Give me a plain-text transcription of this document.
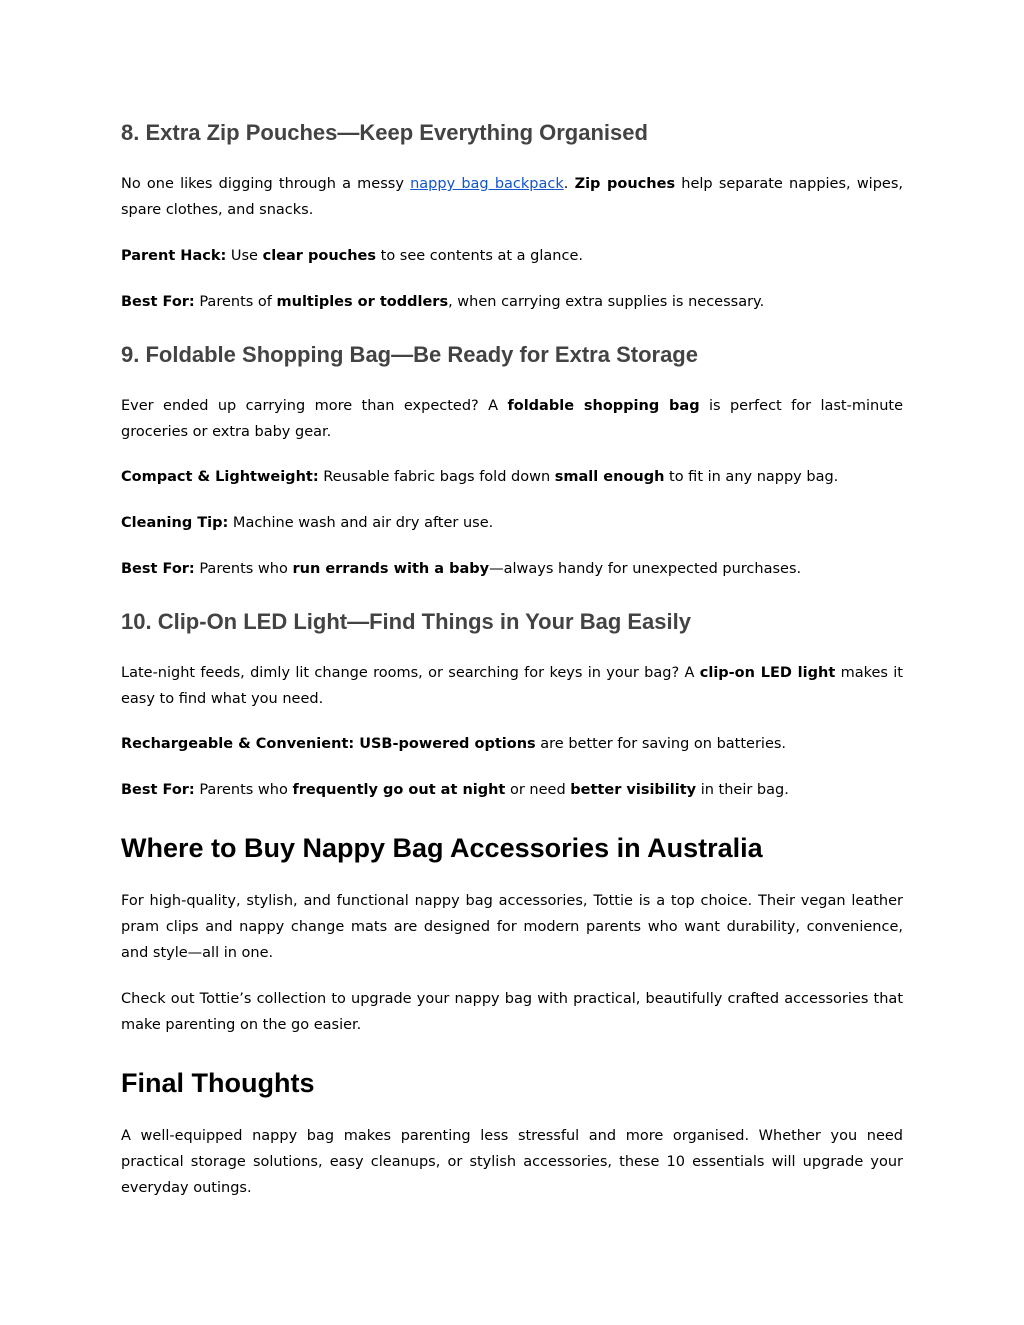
8. Extra Zip Pouches—Keep Everything Organised

No one likes digging through a messy nappy bag backpack. Zip pouches help separate nappies, wipes, spare clothes, and snacks.

Parent Hack: Use clear pouches to see contents at a glance.

Best For: Parents of multiples or toddlers, when carrying extra supplies is necessary.

9. Foldable Shopping Bag—Be Ready for Extra Storage

Ever ended up carrying more than expected? A foldable shopping bag is perfect for last-minute groceries or extra baby gear.

Compact & Lightweight: Reusable fabric bags fold down small enough to fit in any nappy bag.

Cleaning Tip: Machine wash and air dry after use.

Best For: Parents who run errands with a baby—always handy for unexpected purchases.

10. Clip-On LED Light—Find Things in Your Bag Easily

Late-night feeds, dimly lit change rooms, or searching for keys in your bag? A clip-on LED light makes it easy to find what you need.

Rechargeable & Convenient: USB-powered options are better for saving on batteries.

Best For: Parents who frequently go out at night or need better visibility in their bag.

Where to Buy Nappy Bag Accessories in Australia

For high-quality, stylish, and functional nappy bag accessories, Tottie is a top choice. Their vegan leather pram clips and nappy change mats are designed for modern parents who want durability, convenience, and style—all in one.

Check out Tottie’s collection to upgrade your nappy bag with practical, beautifully crafted accessories that make parenting on the go easier.

Final Thoughts

A well-equipped nappy bag makes parenting less stressful and more organised. Whether you need practical storage solutions, easy cleanups, or stylish accessories, these 10 essentials will upgrade your everyday outings.
